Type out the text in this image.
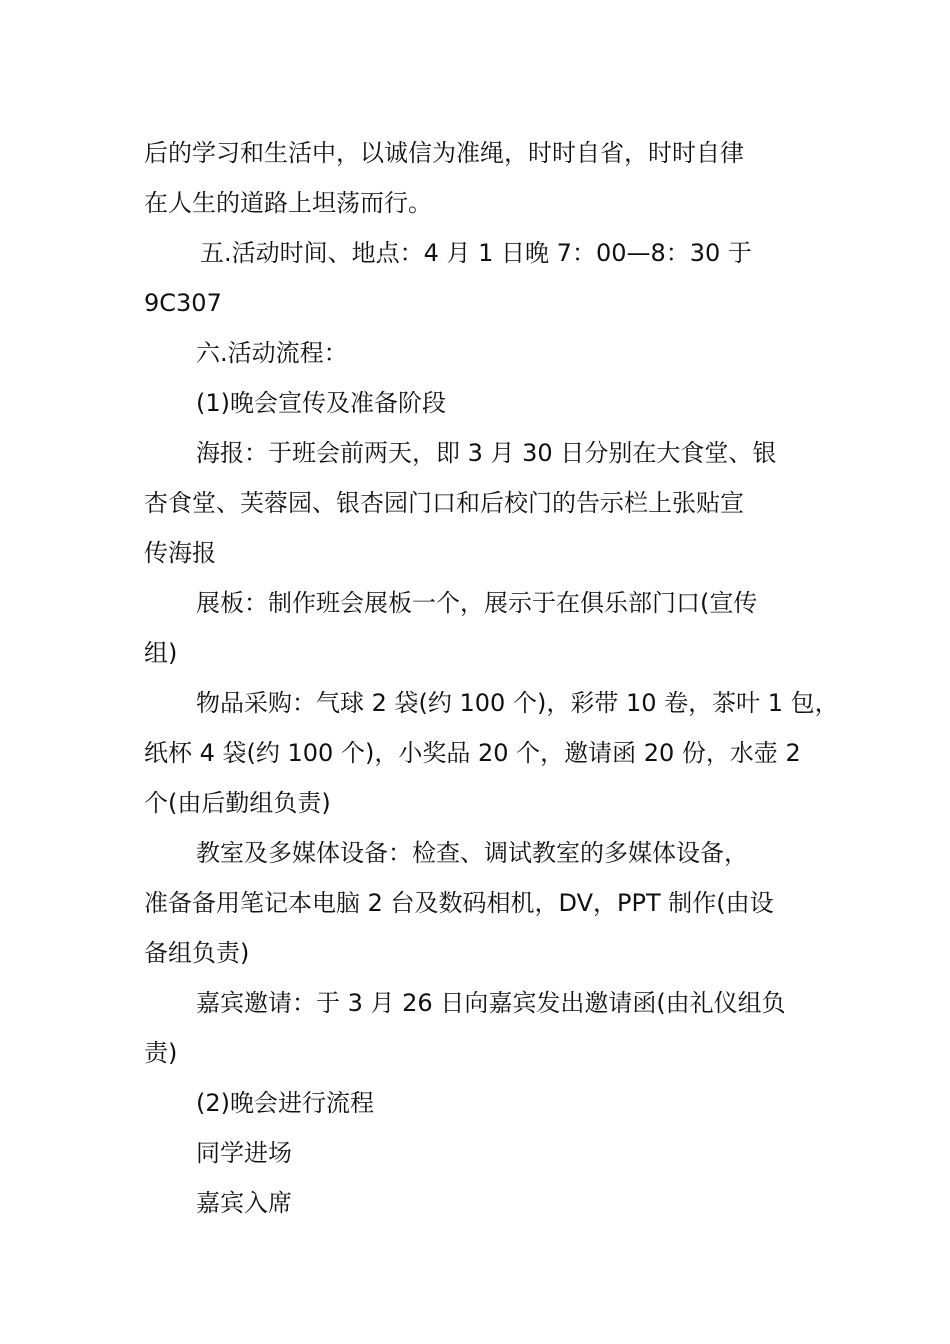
后的学习和生活中，以诚信为准绳，时时自省，时时自律
在人生的道路上坦荡而行。
五.活动时间、地点：4 月 1 日晚 7：00—8：30 于
9C307
六.活动流程：
(1)晚会宣传及准备阶段
海报：于班会前两天，即 3 月 30 日分别在大食堂、银
杏食堂、芙蓉园、银杏园门口和后校门的告示栏上张贴宣
传海报
展板：制作班会展板一个，展示于在俱乐部门口(宣传
组)
物品采购：气球 2 袋(约 100 个)，彩带 10 卷，茶叶 1 包，
纸杯 4 袋(约 100 个)，小奖品 20 个，邀请函 20 份，水壶 2
个(由后勤组负责)
教室及多媒体设备：检查、调试教室的多媒体设备，
准备备用笔记本电脑 2 台及数码相机，DV，PPT 制作(由设
备组负责)
嘉宾邀请：于 3 月 26 日向嘉宾发出邀请函(由礼仪组负
责)
(2)晚会进行流程
同学进场
嘉宾入席
